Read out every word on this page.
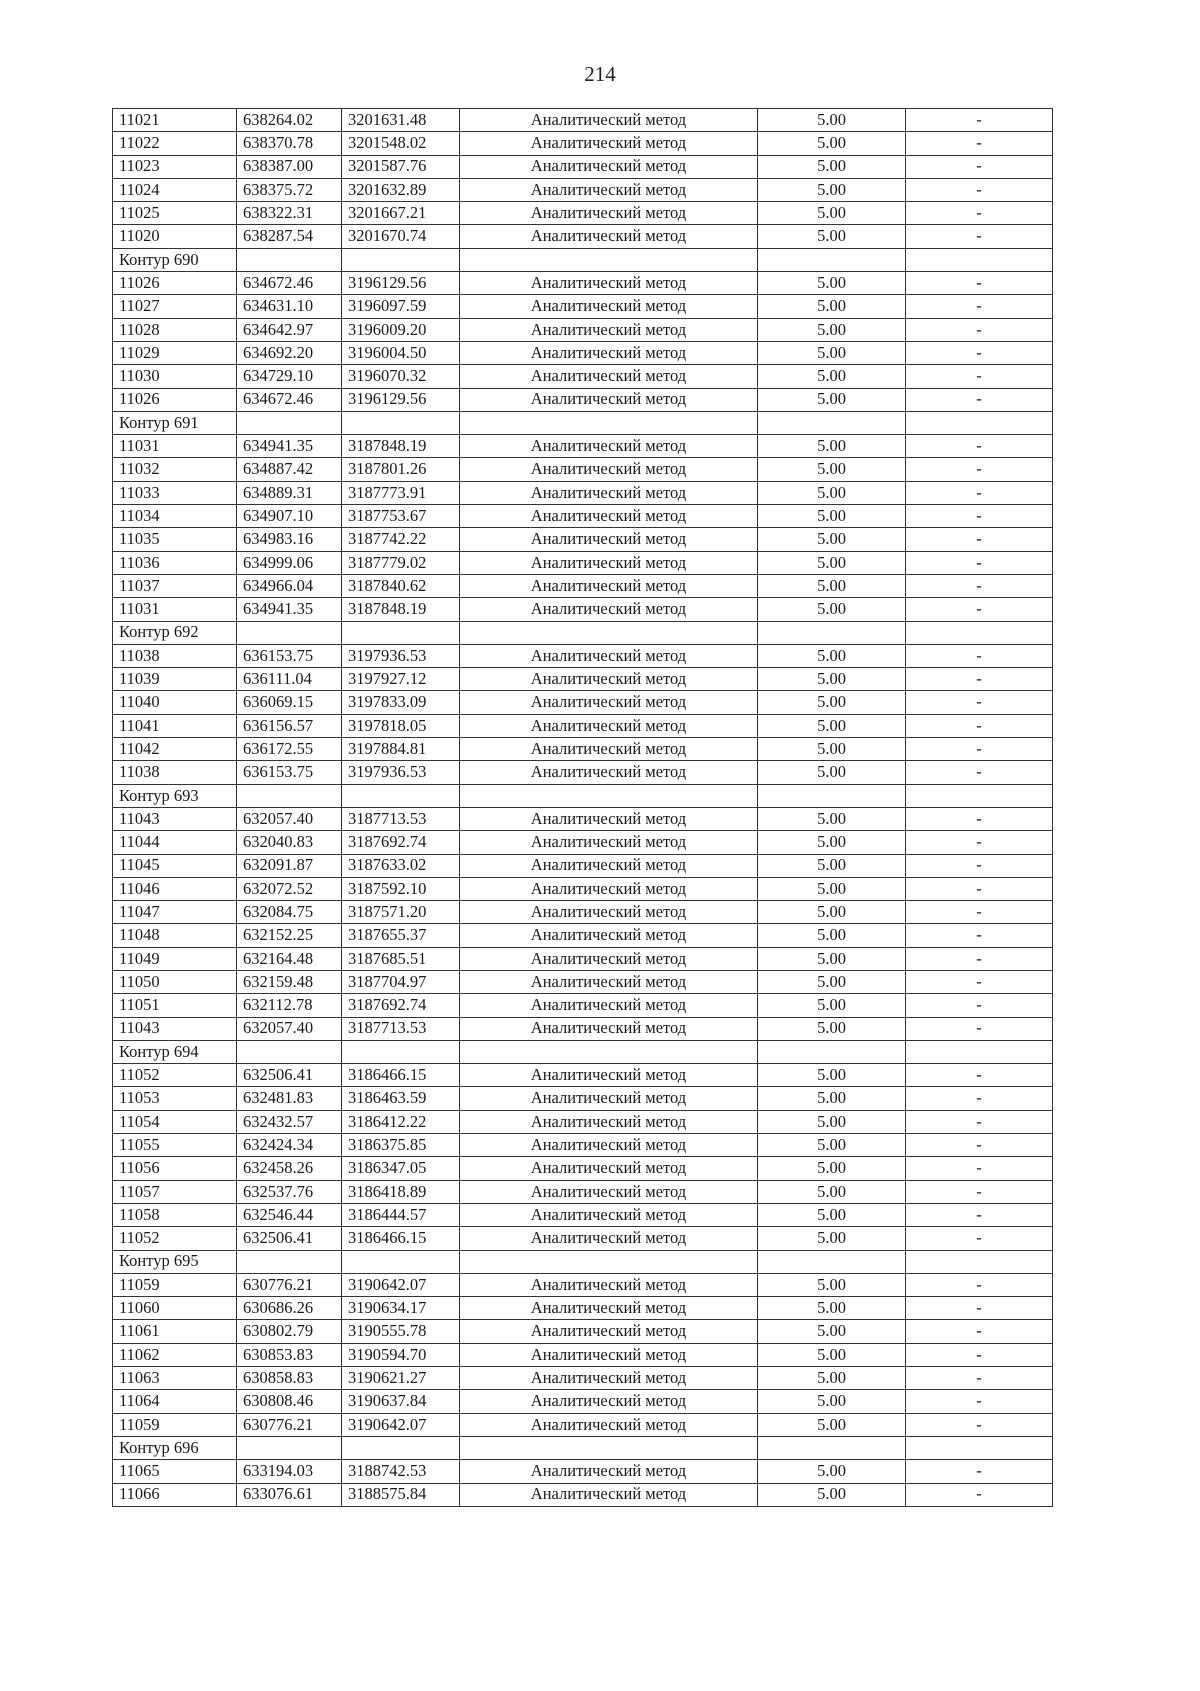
214
11021	638264.02	3201631.48	Аналитический метод	5.00	-
11022	638370.78	3201548.02	Аналитический метод	5.00	-
11023	638387.00	3201587.76	Аналитический метод	5.00	-
11024	638375.72	3201632.89	Аналитический метод	5.00	-
11025	638322.31	3201667.21	Аналитический метод	5.00	-
11020	638287.54	3201670.74	Аналитический метод	5.00	-
Контур 690					
11026	634672.46	3196129.56	Аналитический метод	5.00	-
11027	634631.10	3196097.59	Аналитический метод	5.00	-
11028	634642.97	3196009.20	Аналитический метод	5.00	-
11029	634692.20	3196004.50	Аналитический метод	5.00	-
11030	634729.10	3196070.32	Аналитический метод	5.00	-
11026	634672.46	3196129.56	Аналитический метод	5.00	-
Контур 691					
11031	634941.35	3187848.19	Аналитический метод	5.00	-
11032	634887.42	3187801.26	Аналитический метод	5.00	-
11033	634889.31	3187773.91	Аналитический метод	5.00	-
11034	634907.10	3187753.67	Аналитический метод	5.00	-
11035	634983.16	3187742.22	Аналитический метод	5.00	-
11036	634999.06	3187779.02	Аналитический метод	5.00	-
11037	634966.04	3187840.62	Аналитический метод	5.00	-
11031	634941.35	3187848.19	Аналитический метод	5.00	-
Контур 692					
11038	636153.75	3197936.53	Аналитический метод	5.00	-
11039	636111.04	3197927.12	Аналитический метод	5.00	-
11040	636069.15	3197833.09	Аналитический метод	5.00	-
11041	636156.57	3197818.05	Аналитический метод	5.00	-
11042	636172.55	3197884.81	Аналитический метод	5.00	-
11038	636153.75	3197936.53	Аналитический метод	5.00	-
Контур 693					
11043	632057.40	3187713.53	Аналитический метод	5.00	-
11044	632040.83	3187692.74	Аналитический метод	5.00	-
11045	632091.87	3187633.02	Аналитический метод	5.00	-
11046	632072.52	3187592.10	Аналитический метод	5.00	-
11047	632084.75	3187571.20	Аналитический метод	5.00	-
11048	632152.25	3187655.37	Аналитический метод	5.00	-
11049	632164.48	3187685.51	Аналитический метод	5.00	-
11050	632159.48	3187704.97	Аналитический метод	5.00	-
11051	632112.78	3187692.74	Аналитический метод	5.00	-
11043	632057.40	3187713.53	Аналитический метод	5.00	-
Контур 694					
11052	632506.41	3186466.15	Аналитический метод	5.00	-
11053	632481.83	3186463.59	Аналитический метод	5.00	-
11054	632432.57	3186412.22	Аналитический метод	5.00	-
11055	632424.34	3186375.85	Аналитический метод	5.00	-
11056	632458.26	3186347.05	Аналитический метод	5.00	-
11057	632537.76	3186418.89	Аналитический метод	5.00	-
11058	632546.44	3186444.57	Аналитический метод	5.00	-
11052	632506.41	3186466.15	Аналитический метод	5.00	-
Контур 695					
11059	630776.21	3190642.07	Аналитический метод	5.00	-
11060	630686.26	3190634.17	Аналитический метод	5.00	-
11061	630802.79	3190555.78	Аналитический метод	5.00	-
11062	630853.83	3190594.70	Аналитический метод	5.00	-
11063	630858.83	3190621.27	Аналитический метод	5.00	-
11064	630808.46	3190637.84	Аналитический метод	5.00	-
11059	630776.21	3190642.07	Аналитический метод	5.00	-
Контур 696					
11065	633194.03	3188742.53	Аналитический метод	5.00	-
11066	633076.61	3188575.84	Аналитический метод	5.00	-
